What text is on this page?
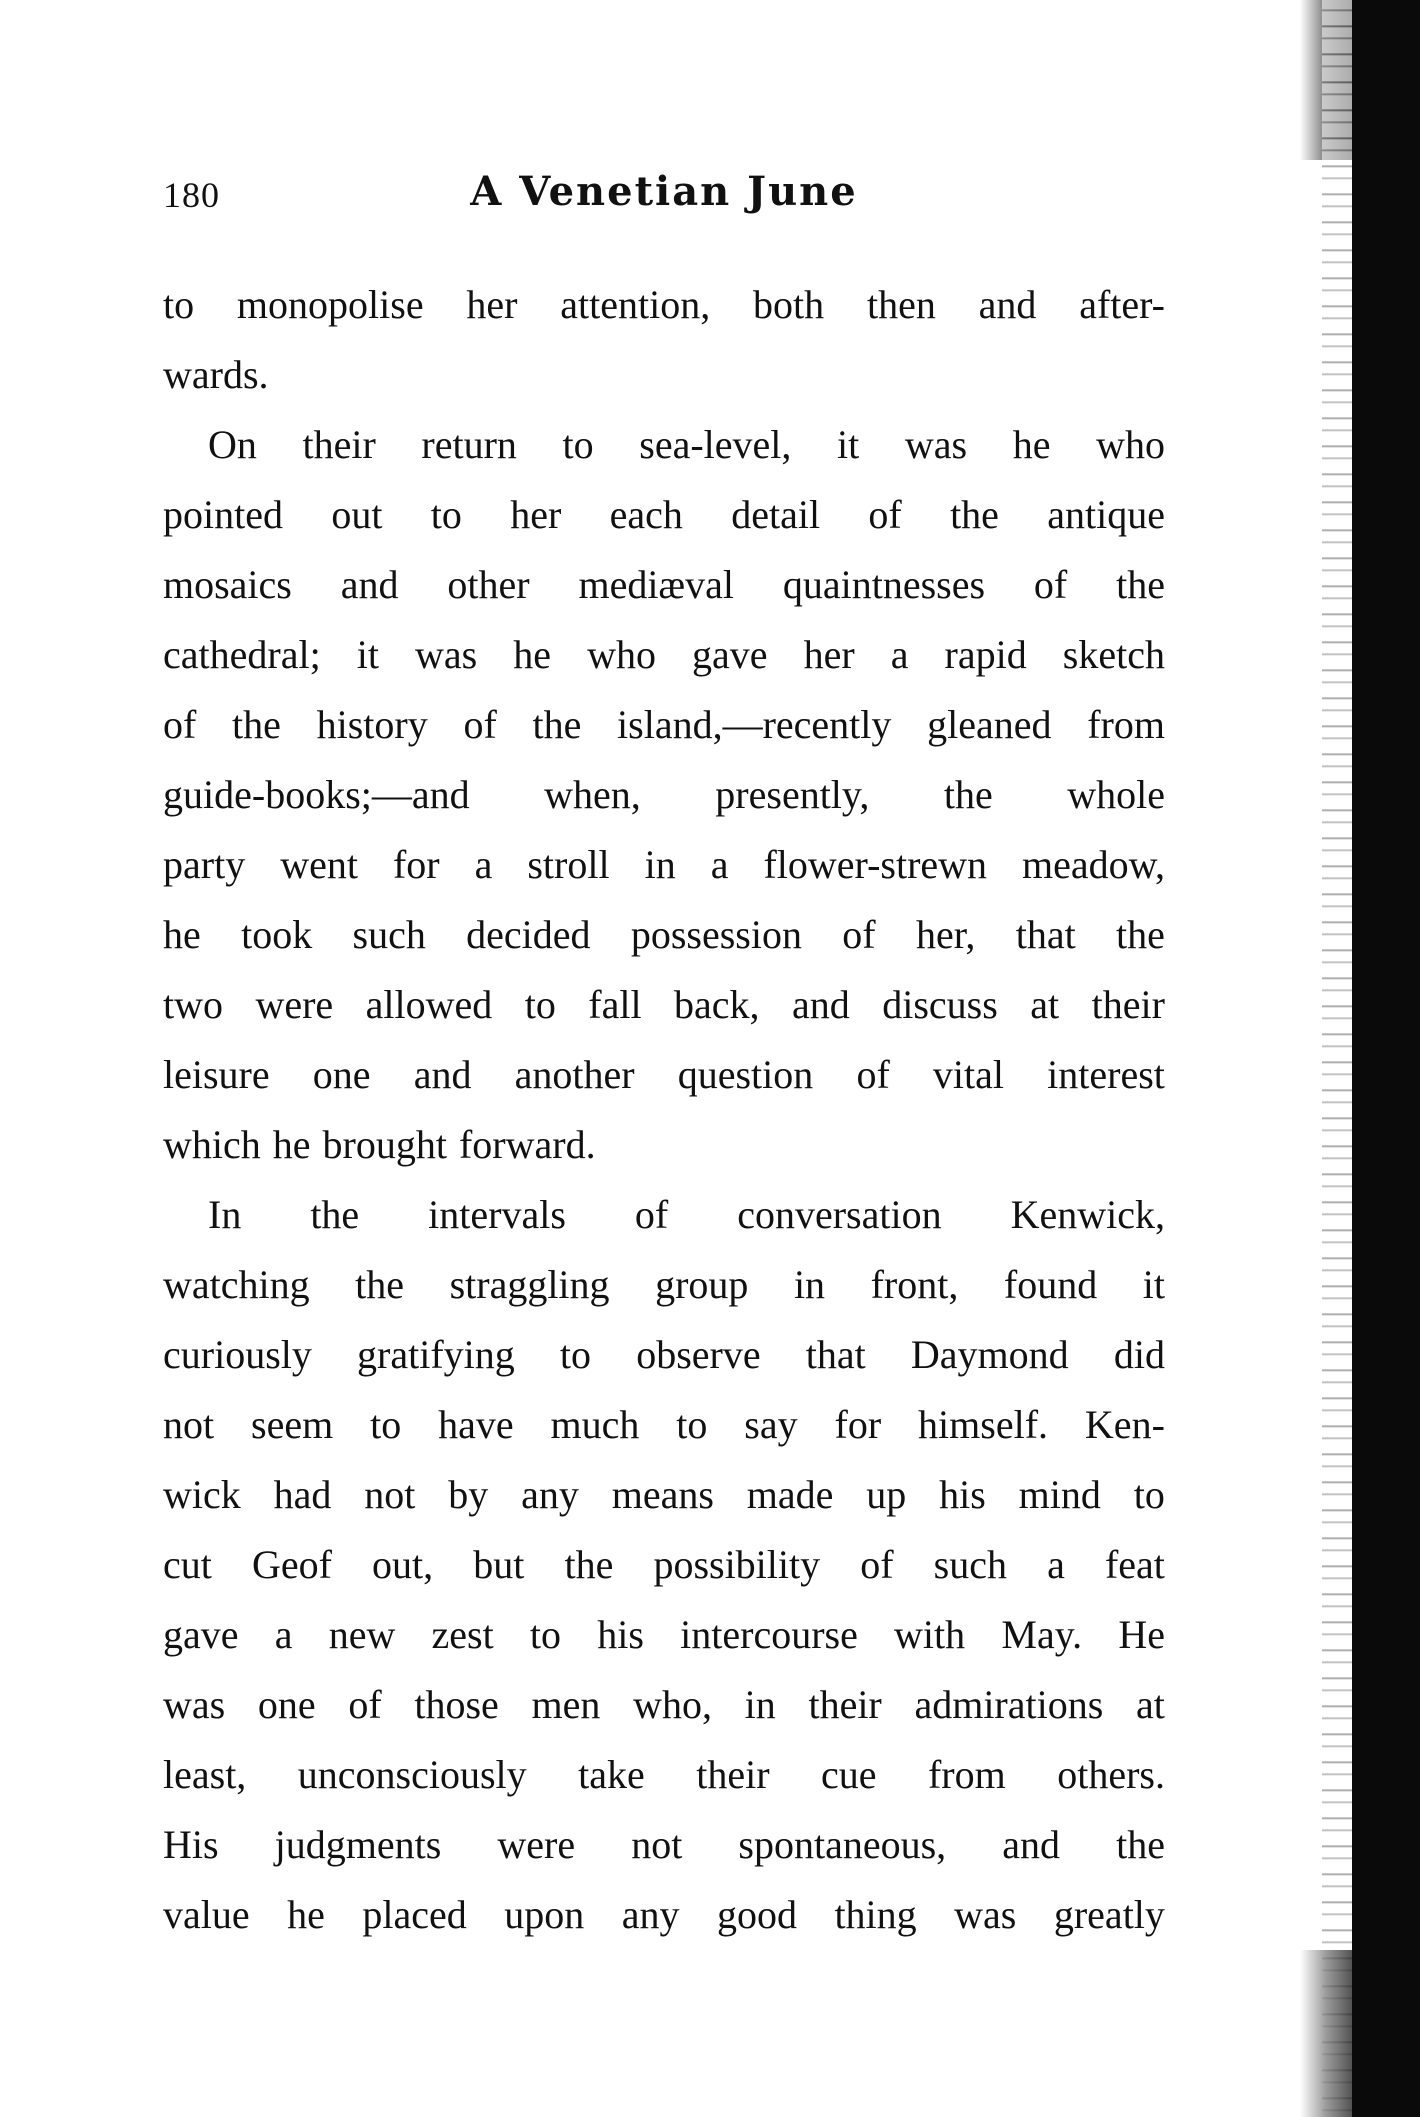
180	A Venetian June
to monopolise her attention, both then and after-
wards.
On their return to sea-level, it was he who
pointed out to her each detail of the antique
mosaics and other mediæval quaintnesses of the
cathedral; it was he who gave her a rapid sketch
of the history of the island,—recently gleaned from
guide-books;—and when, presently, the whole
party went for a stroll in a flower-strewn meadow,
he took such decided possession of her, that the
two were allowed to fall back, and discuss at their
leisure one and another question of vital interest
which he brought forward.
In the intervals of conversation Kenwick,
watching the straggling group in front, found it
curiously gratifying to observe that Daymond did
not seem to have much to say for himself. Ken-
wick had not by any means made up his mind to
cut Geof out, but the possibility of such a feat
gave a new zest to his intercourse with May. He
was one of those men who, in their admirations at
least, unconsciously take their cue from others.
His judgments were not spontaneous, and the
value he placed upon any good thing was greatly
